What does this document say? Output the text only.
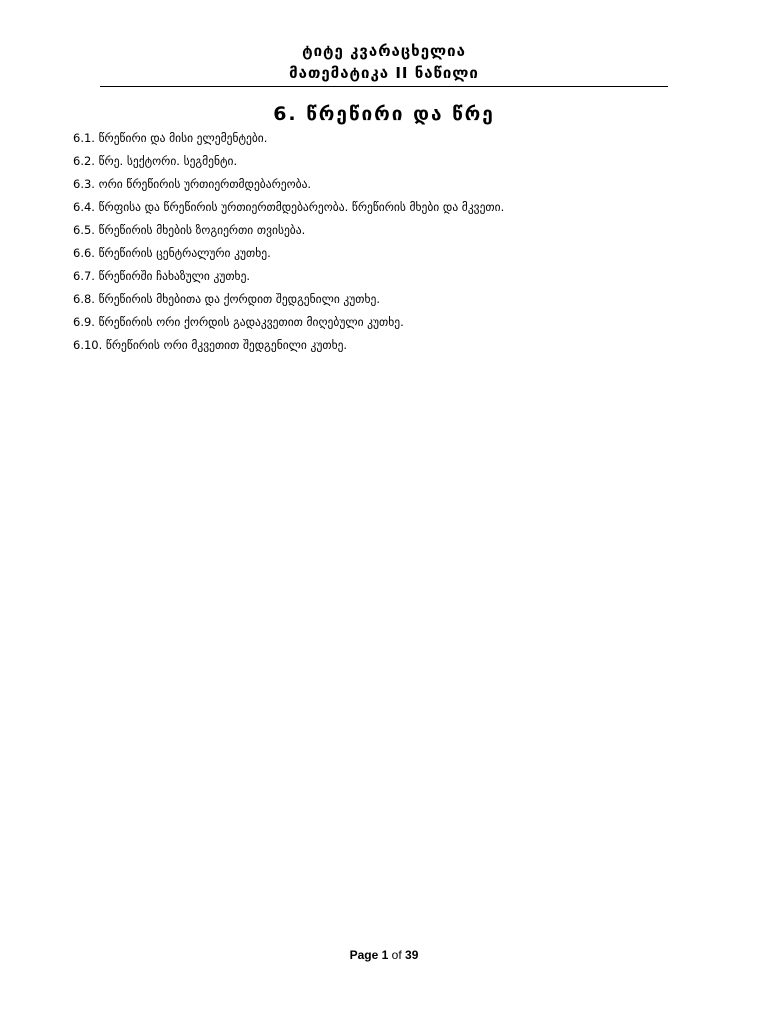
ტიტე კვარაცხელია
მათემატიკა II ნაწილი
6. წრეწირი და წრე
6.1. წრეწირი და მისი ელემენტები.
6.2. წრე. სექტორი. სეგმენტი.
6.3. ორი წრეწირის ურთიერთმდებარეობა.
6.4. წრფისა და წრეწირის ურთიერთმდებარეობა. წრეწირის მხები და მკვეთი.
6.5. წრეწირის მხების ზოგიერთი თვისება.
6.6. წრეწირის ცენტრალური კუთხე.
6.7. წრეწირში ჩახაზული კუთხე.
6.8. წრეწირის მხებითა და ქორდით შედგენილი კუთხე.
6.9. წრეწირის ორი ქორდის გადაკვეთით მიღებული კუთხე.
6.10. წრეწირის ორი მკვეთით შედგენილი კუთხე.
Page 1 of 39
